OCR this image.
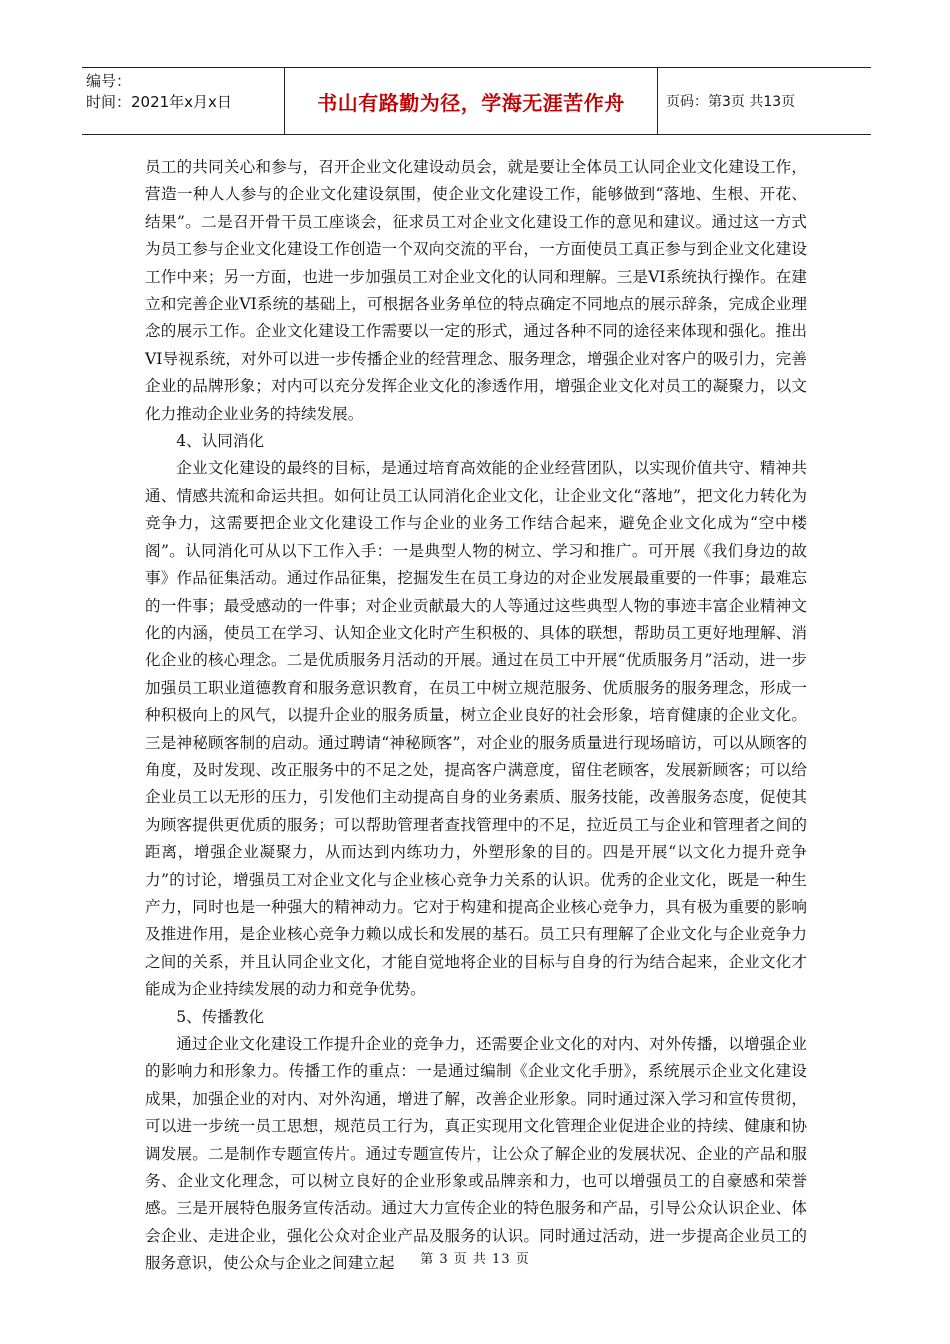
编号：
时间：2021年x月x日	书山有路勤为径，学海无涯苦作舟	页码：第3页 共13页

员工的共同关心和参与，召开企业文化建设动员会，就是要让全体员工认同企业文化建设工作，营造一种人人参与的企业文化建设氛围，使企业文化建设工作，能够做到“落地、生根、开花、结果”。二是召开骨干员工座谈会，征求员工对企业文化建设工作的意见和建议。通过这一方式为员工参与企业文化建设工作创造一个双向交流的平台，一方面使员工真正参与到企业文化建设工作中来；另一方面，也进一步加强员工对企业文化的认同和理解。三是VI系统执行操作。在建立和完善企业VI系统的基础上，可根据各业务单位的特点确定不同地点的展示辞条，完成企业理念的展示工作。企业文化建设工作需要以一定的形式，通过各种不同的途径来体现和强化。推出VI导视系统，对外可以进一步传播企业的经营理念、服务理念，增强企业对客户的吸引力，完善企业的品牌形象；对内可以充分发挥企业文化的渗透作用，增强企业文化对员工的凝聚力，以文化力推动企业业务的持续发展。

4、认同消化

企业文化建设的最终的目标，是通过培育高效能的企业经营团队，以实现价值共守、精神共通、情感共流和命运共担。如何让员工认同消化企业文化，让企业文化“落地”，把文化力转化为竞争力，这需要把企业文化建设工作与企业的业务工作结合起来，避免企业文化成为“空中楼阁”。认同消化可从以下工作入手：一是典型人物的树立、学习和推广。可开展《我们身边的故事》作品征集活动。通过作品征集，挖掘发生在员工身边的对企业发展最重要的一件事；最难忘的一件事；最受感动的一件事；对企业贡献最大的人等通过这些典型人物的事迹丰富企业精神文化的内涵，使员工在学习、认知企业文化时产生积极的、具体的联想，帮助员工更好地理解、消化企业的核心理念。二是优质服务月活动的开展。通过在员工中开展“优质服务月”活动，进一步加强员工职业道德教育和服务意识教育，在员工中树立规范服务、优质服务的服务理念，形成一种积极向上的风气，以提升企业的服务质量，树立企业良好的社会形象，培育健康的企业文化。三是神秘顾客制的启动。通过聘请“神秘顾客”，对企业的服务质量进行现场暗访，可以从顾客的角度，及时发现、改正服务中的不足之处，提高客户满意度，留住老顾客，发展新顾客；可以给企业员工以无形的压力，引发他们主动提高自身的业务素质、服务技能，改善服务态度，促使其为顾客提供更优质的服务；可以帮助管理者查找管理中的不足，拉近员工与企业和管理者之间的距离，增强企业凝聚力，从而达到内练功力，外塑形象的目的。四是开展“以文化力提升竞争力”的讨论，增强员工对企业文化与企业核心竞争力关系的认识。优秀的企业文化，既是一种生产力，同时也是一种强大的精神动力。它对于构建和提高企业核心竞争力，具有极为重要的影响及推进作用，是企业核心竞争力赖以成长和发展的基石。员工只有理解了企业文化与企业竞争力之间的关系，并且认同企业文化，才能自觉地将企业的目标与自身的行为结合起来，企业文化才能成为企业持续发展的动力和竞争优势。

5、传播教化

通过企业文化建设工作提升企业的竞争力，还需要企业文化的对内、对外传播，以增强企业的影响力和形象力。传播工作的重点：一是通过编制《企业文化手册》，系统展示企业文化建设成果，加强企业的对内、对外沟通，增进了解，改善企业形象。同时通过深入学习和宣传贯彻，可以进一步统一员工思想，规范员工行为，真正实现用文化管理企业促进企业的持续、健康和协调发展。二是制作专题宣传片。通过专题宣传片，让公众了解企业的发展状况、企业的产品和服务、企业文化理念，可以树立良好的企业形象或品牌亲和力，也可以增强员工的自豪感和荣誉感。三是开展特色服务宣传活动。通过大力宣传企业的特色服务和产品，引导公众认识企业、体会企业、走进企业，强化公众对企业产品及服务的认识。同时通过活动，进一步提高企业员工的服务意识，使公众与企业之间建立起	第 3 页 共 13 页
